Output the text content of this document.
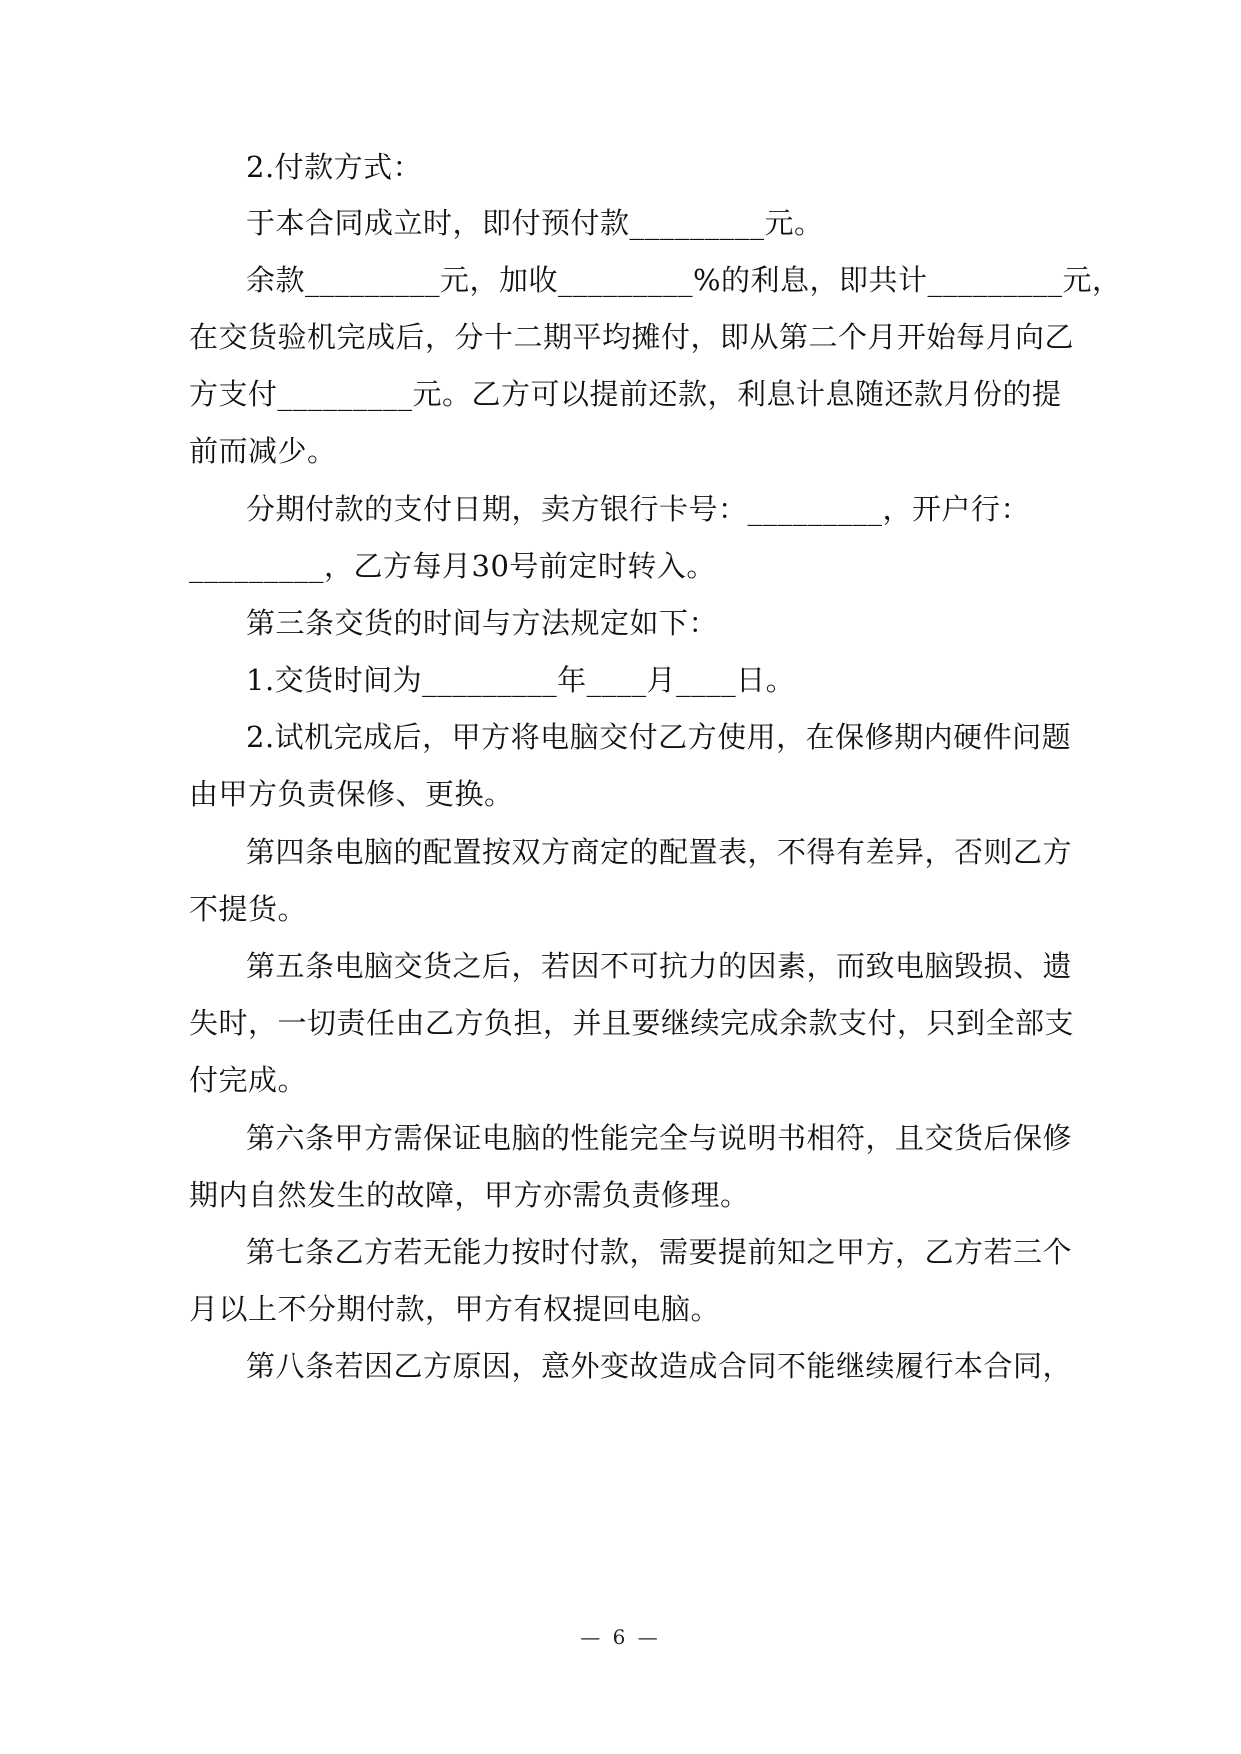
2.付款方式：
于本合同成立时，即付预付款_________元。
余款_________元，加收_________%的利息，即共计_________元，
在交货验机完成后，分十二期平均摊付，即从第二个月开始每月向乙
方支付_________元。乙方可以提前还款，利息计息随还款月份的提
前而减少。
分期付款的支付日期，卖方银行卡号：_________，开户行：
_________，乙方每月30号前定时转入。
第三条交货的时间与方法规定如下：
1.交货时间为_________年____月____日。
2.试机完成后，甲方将电脑交付乙方使用，在保修期内硬件问题
由甲方负责保修、更换。
第四条电脑的配置按双方商定的配置表，不得有差异，否则乙方
不提货。
第五条电脑交货之后，若因不可抗力的因素，而致电脑毁损、遗
失时，一切责任由乙方负担，并且要继续完成余款支付，只到全部支
付完成。
第六条甲方需保证电脑的性能完全与说明书相符，且交货后保修
期内自然发生的故障，甲方亦需负责修理。
第七条乙方若无能力按时付款，需要提前知之甲方，乙方若三个
月以上不分期付款，甲方有权提回电脑。
第八条若因乙方原因，意外变故造成合同不能继续履行本合同，
— 6 —
